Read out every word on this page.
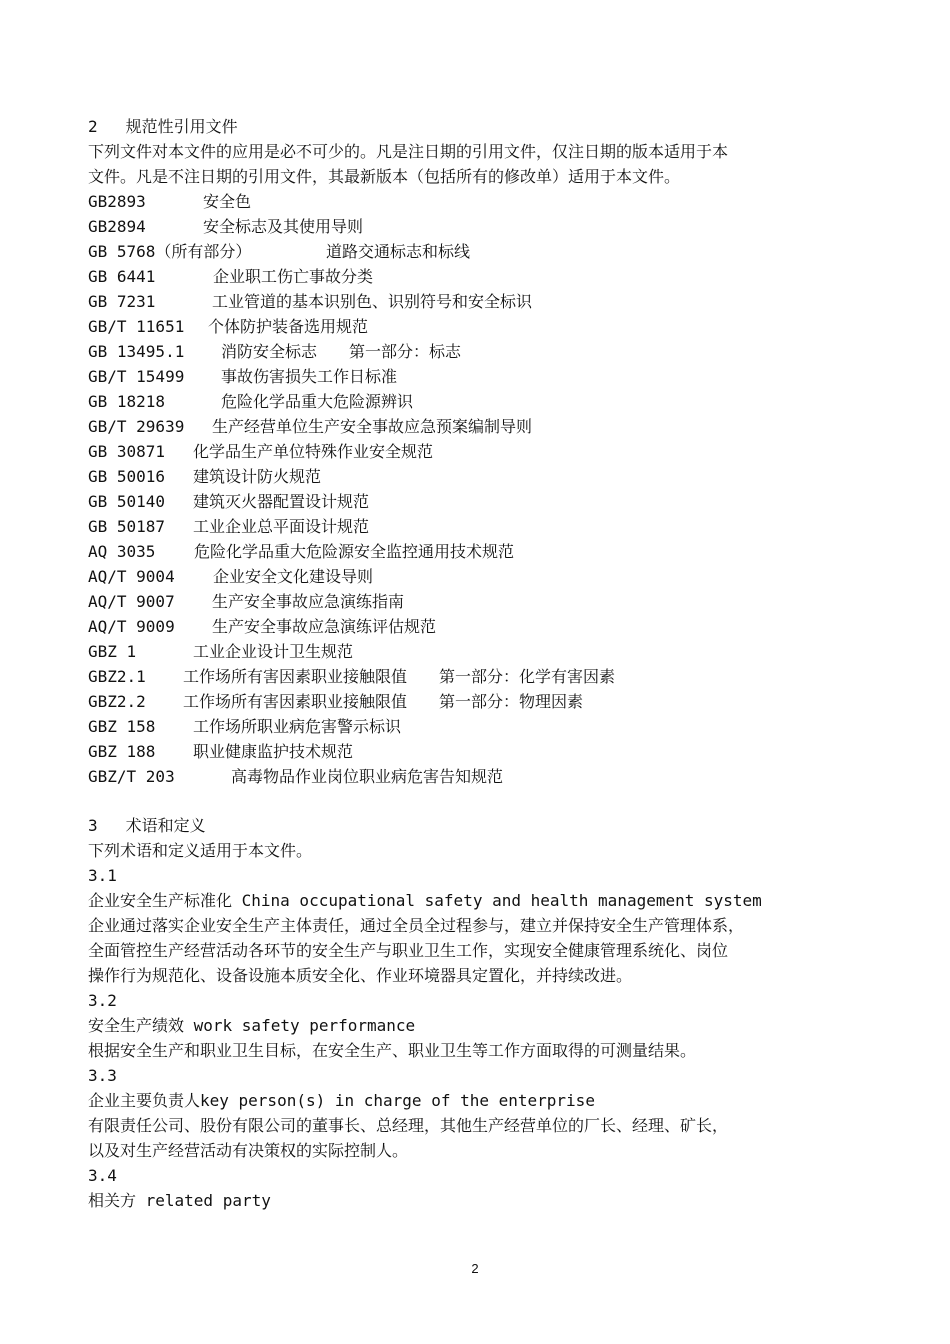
2 规范性引用文件
下列文件对本文件的应用是必不可少的。凡是注日期的引用文件，仅注日期的版本适用于本
文件。凡是不注日期的引用文件，其最新版本（包括所有的修改单）适用于本文件。
GB2893	安全色
GB2894	安全标志及其使用导则
GB 5768（所有部分）	道路交通标志和标线
GB 6441	企业职工伤亡事故分类
GB 7231	工业管道的基本识别色、识别符号和安全标识
GB/T 11651 个体防护装备选用规范
GB 13495.1 消防安全标志　　第一部分：标志
GB/T 15499 事故伤害损失工作日标准
GB 18218	危险化学品重大危险源辨识
GB/T 29639 生产经营单位生产安全事故应急预案编制导则
GB 30871 化学品生产单位特殊作业安全规范
GB 50016 建筑设计防火规范
GB 50140 建筑灭火器配置设计规范
GB 50187 工业企业总平面设计规范
AQ 3035 危险化学品重大危险源安全监控通用技术规范
AQ/T 9004 企业安全文化建设导则
AQ/T 9007 生产安全事故应急演练指南
AQ/T 9009 生产安全事故应急演练评估规范
GBZ 1	工业企业设计卫生规范
GBZ2.1 工作场所有害因素职业接触限值　　第一部分：化学有害因素
GBZ2.2 工作场所有害因素职业接触限值　　第一部分：物理因素
GBZ 158 工作场所职业病危害警示标识
GBZ 188 职业健康监护技术规范
GBZ/T 203	高毒物品作业岗位职业病危害告知规范
3 术语和定义
下列术语和定义适用于本文件。
3.1
企业安全生产标准化 China occupational safety and health management system
企业通过落实企业安全生产主体责任，通过全员全过程参与，建立并保持安全生产管理体系，
全面管控生产经营活动各环节的安全生产与职业卫生工作，实现安全健康管理系统化、岗位
操作行为规范化、设备设施本质安全化、作业环境器具定置化，并持续改进。
3.2
安全生产绩效 work safety performance
根据安全生产和职业卫生目标，在安全生产、职业卫生等工作方面取得的可测量结果。
3.3
企业主要负责人key person(s) in charge of the enterprise
有限责任公司、股份有限公司的董事长、总经理，其他生产经营单位的厂长、经理、矿长，
以及对生产经营活动有决策权的实际控制人。
3.4
相关方 related party
2
